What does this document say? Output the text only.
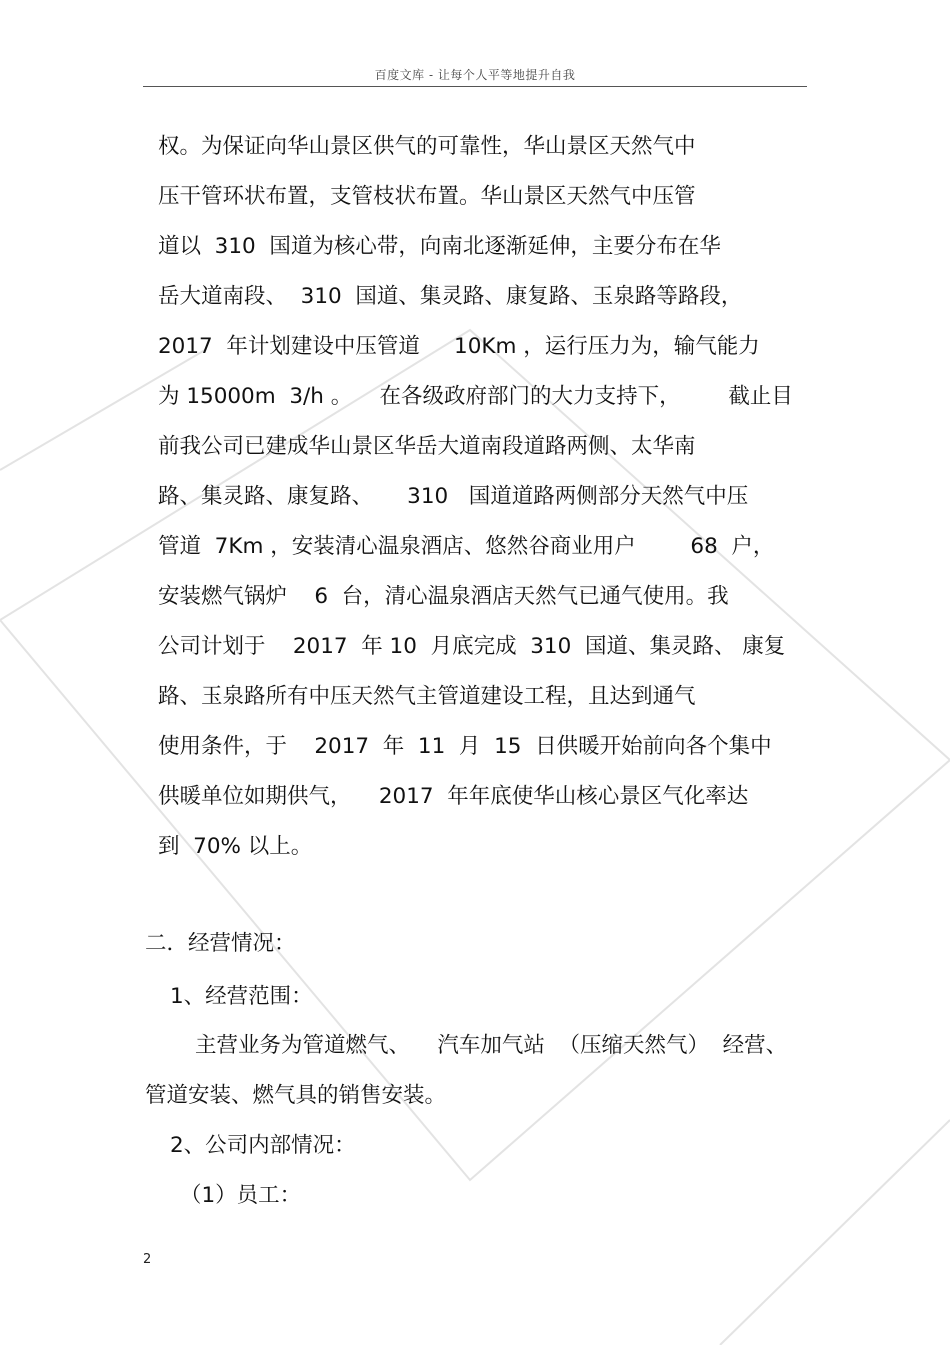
百度文库 - 让每个人平等地提升自我
权。为保证向华山景区供气的可靠性，华山景区天然气中
压干管环状布置，支管枝状布置。华山景区天然气中压管
道以  310  国道为核心带，向南北逐渐延伸，主要分布在华
岳大道南段、  310  国道、集灵路、康复路、玉泉路等路段，
2017  年计划建设中压管道     10Km ，运行压力为，输气能力
为 15000m  3/h 。    在各级政府部门的大力支持下，       截止目
前我公司已建成华山景区华岳大道南段道路两侧、太华南
路、集灵路、康复路、     310   国道道路两侧部分天然气中压
管道  7Km ，安装清心温泉酒店、悠然谷商业用户        68  户，
安装燃气锅炉    6  台，清心温泉酒店天然气已通气使用。我
公司计划于    2017  年 10  月底完成  310  国道、集灵路、 康复
路、玉泉路所有中压天然气主管道建设工程，且达到通气
使用条件，于    2017  年  11  月  15  日供暖开始前向各个集中
供暖单位如期供气，    2017  年年底使华山核心景区气化率达
到  70% 以上。
二．经营情况：
1、经营范围：
主营业务为管道燃气、    汽车加气站  （压缩天然气）  经营、
管道安装、燃气具的销售安装。
2、公司内部情况：
（1）员工：
2
